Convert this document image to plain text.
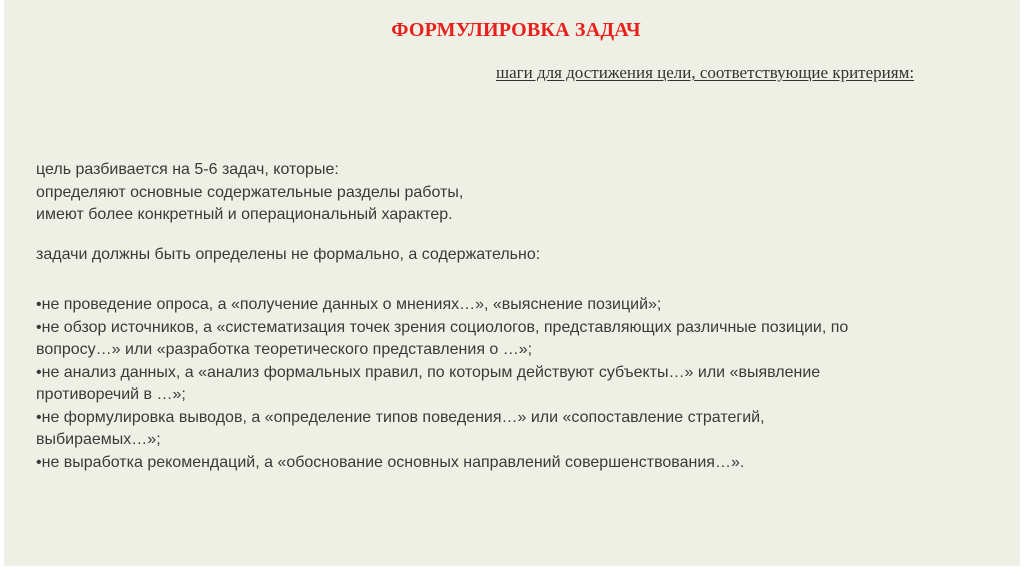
ФОРМУЛИРОВКА ЗАДАЧ
шаги для достижения цели, соответствующие критериям:
цель разбивается на 5-6 задач, которые:
определяют основные содержательные разделы работы,
имеют более конкретный и операциональный характер.
задачи должны быть определены не формально, а содержательно:
•не проведение опроса, а «получение данных о мнениях…», «выяснение позиций»;
•не обзор источников, а «систематизация точек зрения социологов, представляющих различные позиции, по
вопросу…» или «разработка теоретического представления о …»;
•не анализ данных, а «анализ формальных правил, по которым действуют субъекты…» или «выявление
противоречий в …»;
•не формулировка выводов, а «определение типов поведения…» или «сопоставление стратегий,
выбираемых…»;
•не выработка рекомендаций, а «обоснование основных направлений совершенствования…».
